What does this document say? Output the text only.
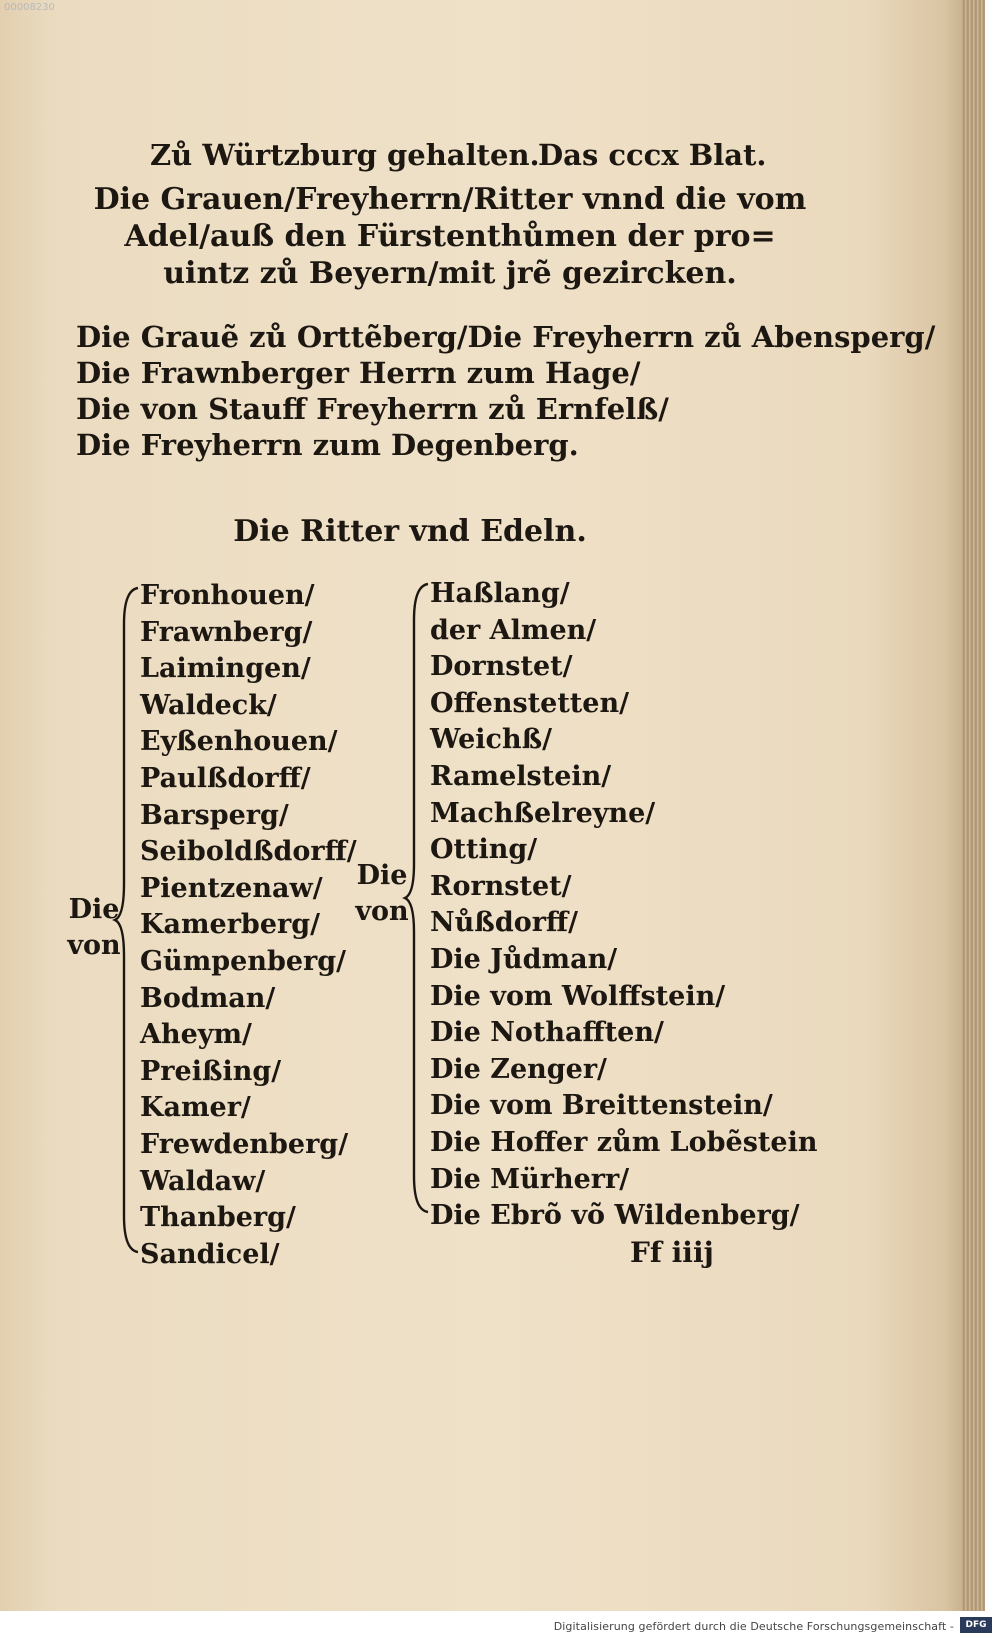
00008230
Zů Würtzburg gehalten.
Das cccx Blat.
Die Grauen/Freyherrn/Ritter vnnd die vom
Adel/auß den Fürstenthůmen der pro=
uintz zů Beyern/mit jrẽ gezircken.
Die Grauẽ zů Orttẽberg/Die Freyherrn zů Abensperg/
Die Frawnberger Herrn zum Hage/
Die von Stauff Freyherrn zů Ernfelß/
Die Freyherrn zum Degenberg.
Die Ritter vnd Edeln.
Die
von
Fronhouen/
Frawnberg/
Laimingen/
Waldeck/
Eyßenhouen/
Paulßdorff/
Barsperg/
Seiboldßdorff/
Pientzenaw/
Kamerberg/
Gümpenberg/
Bodman/
Aheym/
Preißing/
Kamer/
Frewdenberg/
Waldaw/
Thanberg/
Sandicel/
Die
von
Haßlang/
der Almen/
Dornstet/
Offenstetten/
Weichß/
Ramelstein/
Machßelreyne/
Otting/
Rornstet/
Nůßdorff/
Die Jůdman/
Die vom Wolffstein/
Die Nothafften/
Die Zenger/
Die vom Breittenstein/
Die Hoffer zům Lobẽstein
Die Mürherr/
Die Ebrõ võ Wildenberg/
Ff iiij
Digitalisierung gefördert durch die Deutsche Forschungsgemeinschaft -	DFG
